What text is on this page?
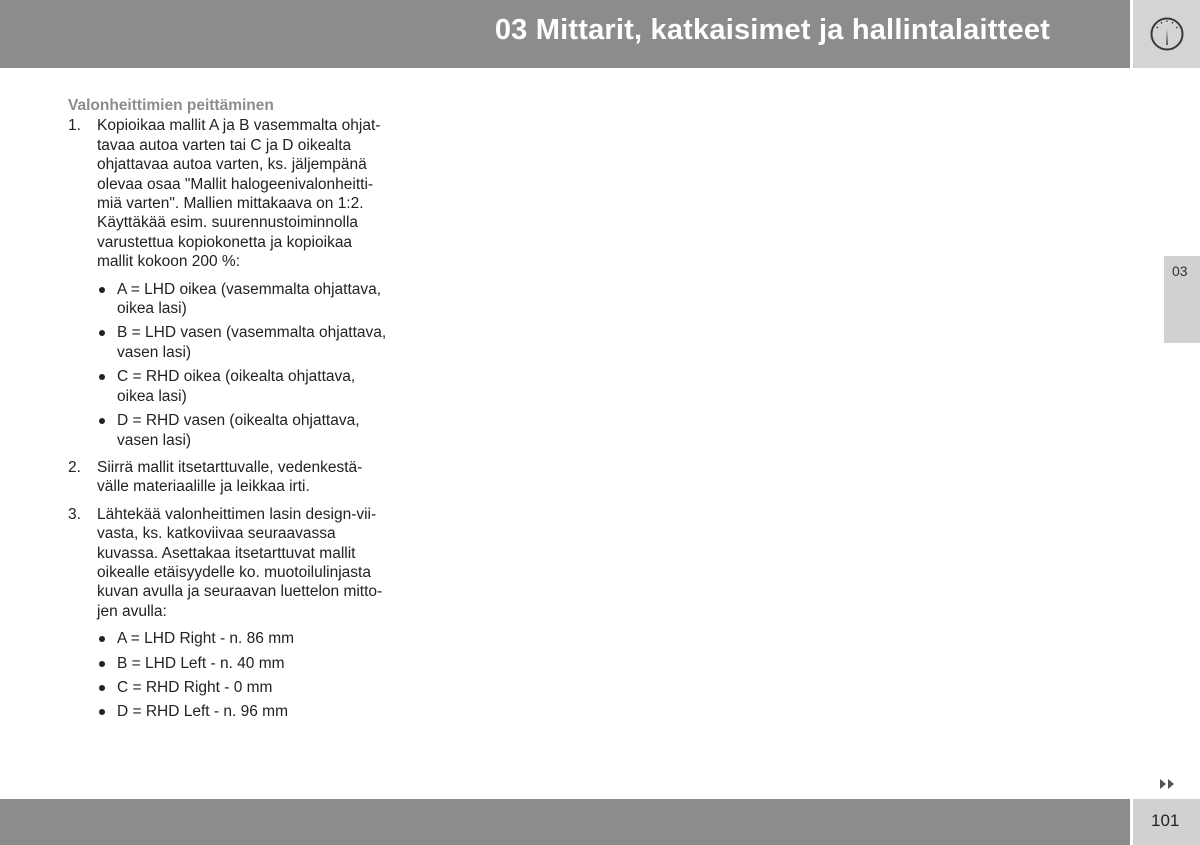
03 Mittarit, katkaisimet ja hallintalaitteet
03
Valonheittimien peittäminen
1. Kopioikaa mallit A ja B vasemmalta ohjat-
tavaa autoa varten tai C ja D oikealta
ohjattavaa autoa varten, ks. jäljempänä
olevaa osaa "Mallit halogeenivalonheitti-
miä varten". Mallien mittakaava on 1:2.
Käyttäkää esim. suurennustoiminnolla
varustettua kopiokonetta ja kopioikaa
mallit kokoon 200 %:
A = LHD oikea (vasemmalta ohjattava,
oikea lasi)
B = LHD vasen (vasemmalta ohjattava,
vasen lasi)
C = RHD oikea (oikealta ohjattava,
oikea lasi)
D = RHD vasen (oikealta ohjattava,
vasen lasi)
2. Siirrä mallit itsetarttuvalle, vedenkestä-
välle materiaalille ja leikkaa irti.
3. Lähtekää valonheittimen lasin design-vii-
vasta, ks. katkoviivaa seuraavassa
kuvassa. Asettakaa itsetarttuvat mallit
oikealle etäisyydelle ko. muotoilulinjasta
kuvan avulla ja seuraavan luettelon mitto-
jen avulla:
A = LHD Right - n. 86 mm
B = LHD Left - n. 40 mm
C = RHD Right - 0 mm
D = RHD Left - n. 96 mm
101
